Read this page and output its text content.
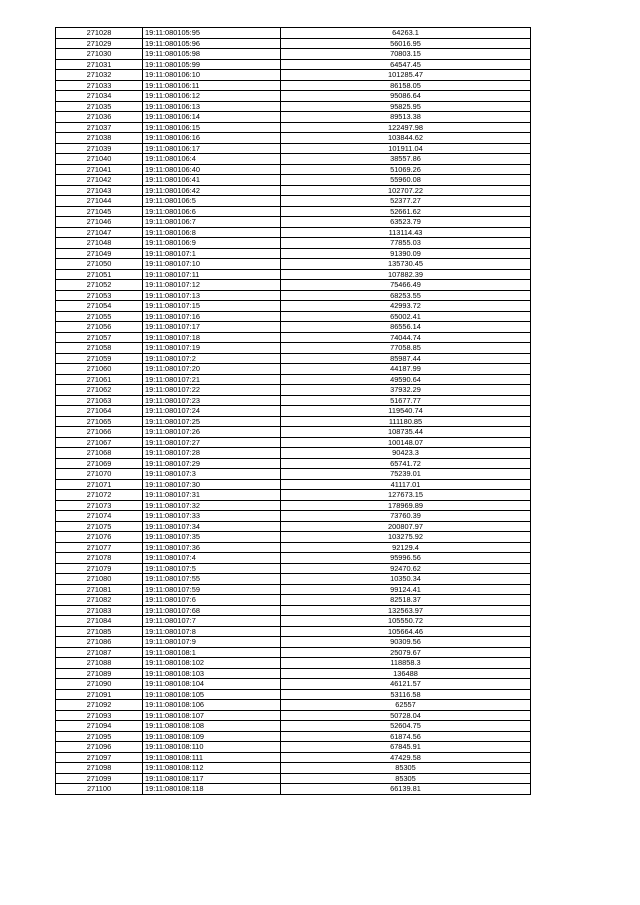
271028	19:11:080105:95	64263.1
271029	19:11:080105:96	56016.95
271030	19:11:080105:98	70803.15
271031	19:11:080105:99	64547.45
271032	19:11:080106:10	101285.47
271033	19:11:080106:11	86158.05
271034	19:11:080106:12	95086.64
271035	19:11:080106:13	95825.95
271036	19:11:080106:14	89513.38
271037	19:11:080106:15	122497.98
271038	19:11:080106:16	103844.62
271039	19:11:080106:17	101911.04
271040	19:11:080106:4	38557.86
271041	19:11:080106:40	51069.26
271042	19:11:080106:41	55960.08
271043	19:11:080106:42	102707.22
271044	19:11:080106:5	52377.27
271045	19:11:080106:6	52661.62
271046	19:11:080106:7	63523.79
271047	19:11:080106:8	113114.43
271048	19:11:080106:9	77855.03
271049	19:11:080107:1	91390.09
271050	19:11:080107:10	135730.45
271051	19:11:080107:11	107882.39
271052	19:11:080107:12	75466.49
271053	19:11:080107:13	68253.55
271054	19:11:080107:15	42993.72
271055	19:11:080107:16	65002.41
271056	19:11:080107:17	86556.14
271057	19:11:080107:18	74044.74
271058	19:11:080107:19	77058.85
271059	19:11:080107:2	85987.44
271060	19:11:080107:20	44187.99
271061	19:11:080107:21	49590.64
271062	19:11:080107:22	37932.29
271063	19:11:080107:23	51677.77
271064	19:11:080107:24	119540.74
271065	19:11:080107:25	111180.85
271066	19:11:080107:26	108735.44
271067	19:11:080107:27	100148.07
271068	19:11:080107:28	90423.3
271069	19:11:080107:29	65741.72
271070	19:11:080107:3	75239.01
271071	19:11:080107:30	41117.01
271072	19:11:080107:31	127673.15
271073	19:11:080107:32	178969.89
271074	19:11:080107:33	73760.39
271075	19:11:080107:34	200807.97
271076	19:11:080107:35	103275.92
271077	19:11:080107:36	92129.4
271078	19:11:080107:4	95996.56
271079	19:11:080107:5	92470.62
271080	19:11:080107:55	10350.34
271081	19:11:080107:59	99124.41
271082	19:11:080107:6	82518.37
271083	19:11:080107:68	132563.97
271084	19:11:080107:7	105550.72
271085	19:11:080107:8	105664.46
271086	19:11:080107:9	90309.56
271087	19:11:080108:1	25079.67
271088	19:11:080108:102	118858.3
271089	19:11:080108:103	136488
271090	19:11:080108:104	46121.57
271091	19:11:080108:105	53116.58
271092	19:11:080108:106	62557
271093	19:11:080108:107	50728.04
271094	19:11:080108:108	52604.75
271095	19:11:080108:109	61874.56
271096	19:11:080108:110	67845.91
271097	19:11:080108:111	47429.58
271098	19:11:080108:112	85305
271099	19:11:080108:117	85305
271100	19:11:080108:118	66139.81
